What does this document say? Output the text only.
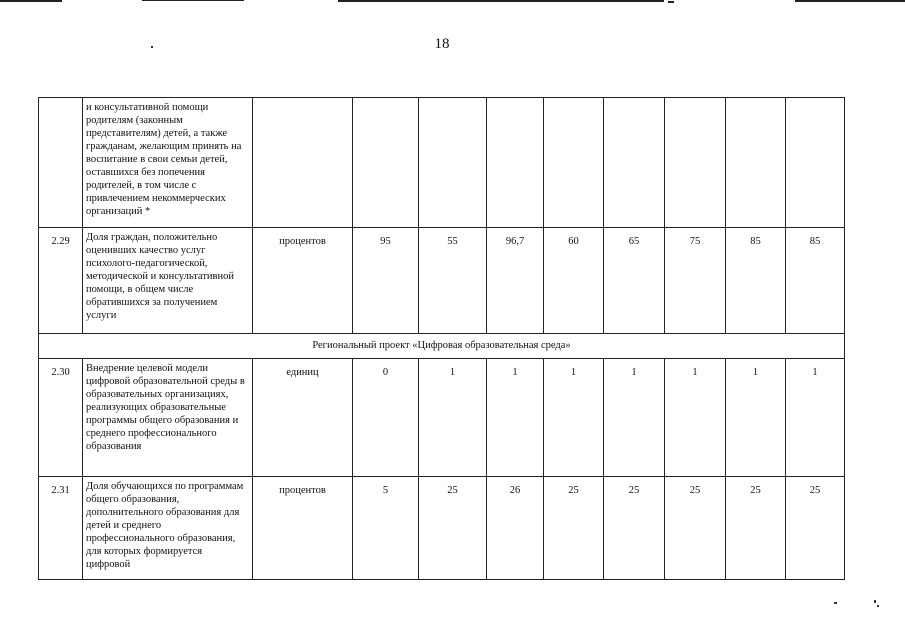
18

	и консультативной помощи родителям (законным представителям) детей, а также гражданам, желающим принять на воспитание в свои семьи детей, оставшихся без попечения родителей, в том числе с привлечением некоммерческих организаций *									

2.29	Доля граждан, положительно оценивших качество услуг психолого-педагогической, методической и консультативной помощи, в общем числе обратившихся за получением услуги	процентов	95	55	96,7	60	65	75	85	85

Региональный проект «Цифровая образовательная среда»										

2.30	Внедрение целевой модели цифровой образовательной среды в образовательных организациях, реализующих образовательные программы общего образования и среднего профессионального образования	единиц	0	1	1	1	1	1	1	1

2.31	Доля обучающихся по программам общего образования, дополнительного образования для детей и среднего профессионального образования, для которых формируется цифровой	процентов	5	25	26	25	25	25	25	25
